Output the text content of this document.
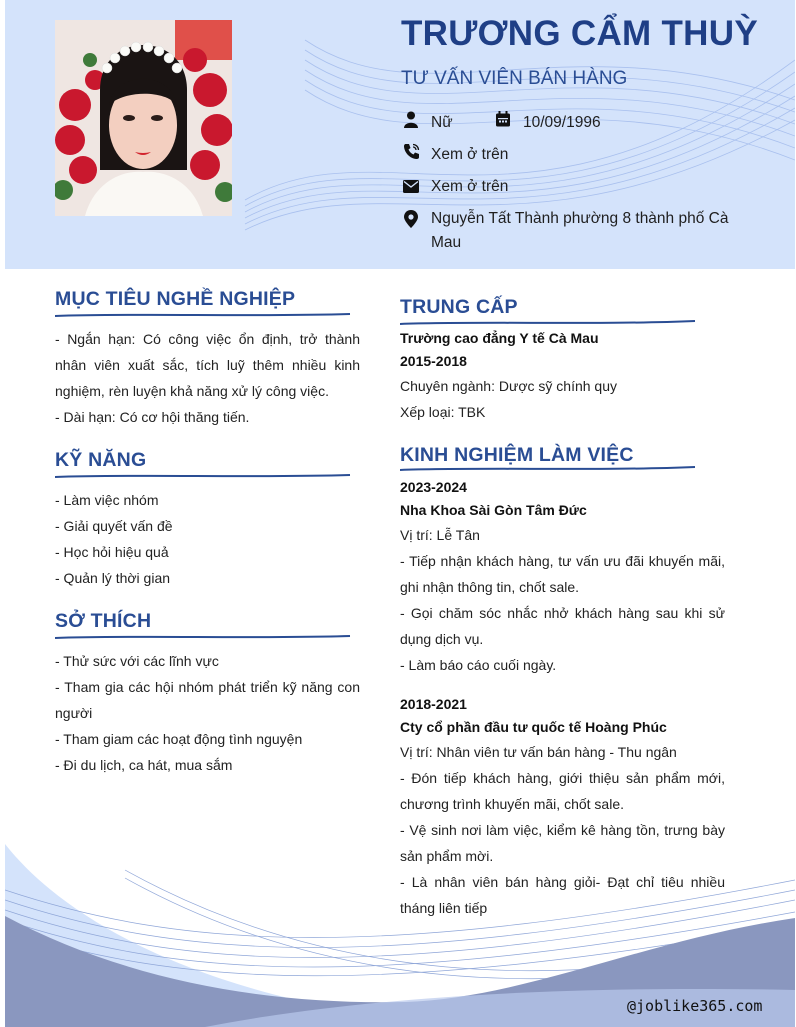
TRƯƠNG CẨM THUỲ
TƯ VẤN VIÊN BÁN HÀNG
Nữ	10/09/1996
Xem ở trên
Xem ở trên
Nguyễn Tất Thành phường 8 thành phố Cà Mau
MỤC TIÊU NGHỀ NGHIỆP

- Ngắn hạn: Có công việc ổn định, trở thành nhân viên xuất sắc, tích luỹ thêm nhiều kinh nghiệm, rèn luyện khả năng xử lý công việc.

- Dài hạn: Có cơ hội thăng tiến.

KỸ NĂNG

- Làm việc nhóm

- Giải quyết vấn đề

- Học hỏi hiệu quả

- Quản lý thời gian

SỞ THÍCH

- Thử sức với các lĩnh vực

- Tham gia các hội nhóm phát triển kỹ năng con người

- Tham giam các hoạt động tình nguyện

- Đi du lịch, ca hát, mua sắm

TRUNG CẤP

Trường cao đẳng Y tế Cà Mau

2015-2018

Chuyên ngành: Dược sỹ chính quy

Xếp loại: TBK

KINH NGHIỆM LÀM VIỆC

2023-2024

Nha Khoa Sài Gòn Tâm Đức

Vị trí: Lễ Tân

- Tiếp nhận khách hàng, tư vấn ưu đãi khuyến mãi, ghi nhận thông tin, chốt sale.

- Gọi chăm sóc nhắc nhở khách hàng sau khi sử dụng dịch vụ.

- Làm báo cáo cuối ngày.

2018-2021

Cty cổ phần đầu tư quốc tế Hoàng Phúc

Vị trí: Nhân viên tư vấn bán hàng - Thu ngân

- Đón tiếp khách hàng, giới thiệu sản phẩm mới, chương trình khuyến mãi, chốt sale.

- Vệ sinh nơi làm việc, kiểm kê hàng tồn, trưng bày sản phẩm mời.

- Là nhân viên bán hàng giỏi- Đạt chỉ tiêu nhiều tháng liên tiếp

@joblike365.com
